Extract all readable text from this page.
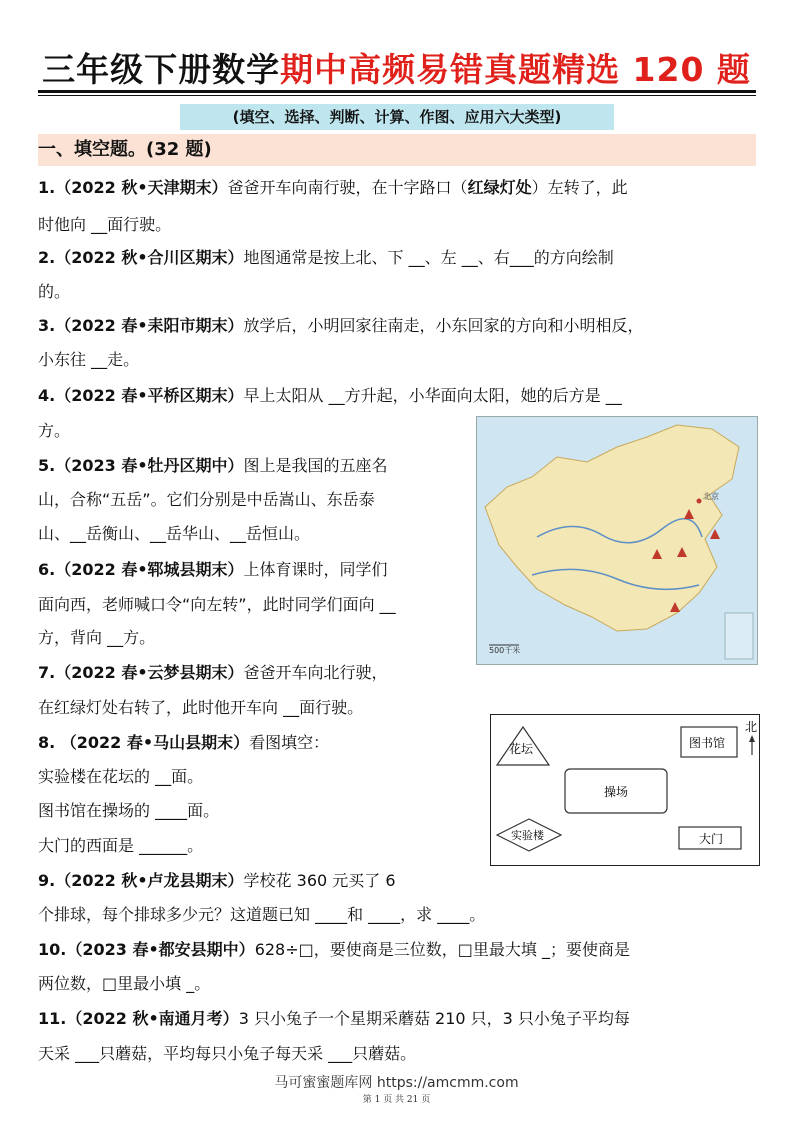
三年级下册数学期中高频易错真题精选 120 题
(填空、选择、判断、计算、作图、应用六大类型)
一、填空题。(32 题)
1.（2022 秋•天津期末）爸爸开车向南行驶，在十字路口（红绿灯处）左转了，此
时他向 __面行驶。
2.（2022 秋•合川区期末）地图通常是按上北、下 __、左 __、右___的方向绘制
的。
3.（2022 春•耒阳市期末）放学后，小明回家往南走，小东回家的方向和小明相反，
小东往 __走。
4.（2022 春•平桥区期末）早上太阳从 __方升起，小华面向太阳，她的后方是 __
方。
5.（2023 春•牡丹区期中）图上是我国的五座名
山，合称“五岳”。它们分别是中岳嵩山、东岳泰
山、__岳衡山、__岳华山、__岳恒山。
6.（2022 春•郓城县期末）上体育课时，同学们
面向西，老师喊口令“向左转”，此时同学们面向 __
方，背向 __方。
7.（2022 春•云梦县期末）爸爸开车向北行驶，
在红绿灯处右转了，此时他开车向 __面行驶。
8. （2022 春•马山县期末）看图填空：
实验楼在花坛的 __面。
图书馆在操场的 ____面。
大门的西面是 ______。
9.（2022 秋•卢龙县期末）学校花 360 元买了 6
个排球，每个排球多少元？这道题已知 ____和 ____，求 ____。
10.（2023 春•都安县期中）628÷□，要使商是三位数，□里最大填 _；要使商是
两位数，□里最小填 _。
11.（2022 秋•南通月考）3 只小兔子一个星期采蘑菇 210 只，3 只小兔子平均每
天采 ___只蘑菇，平均每只小兔子每天采 ___只蘑菇。
北京
500千米
花坛	图书馆
北
操场
实验楼	大门
马可蜜蜜题库网 https://amcmm.com
第 1 页 共 21 页
